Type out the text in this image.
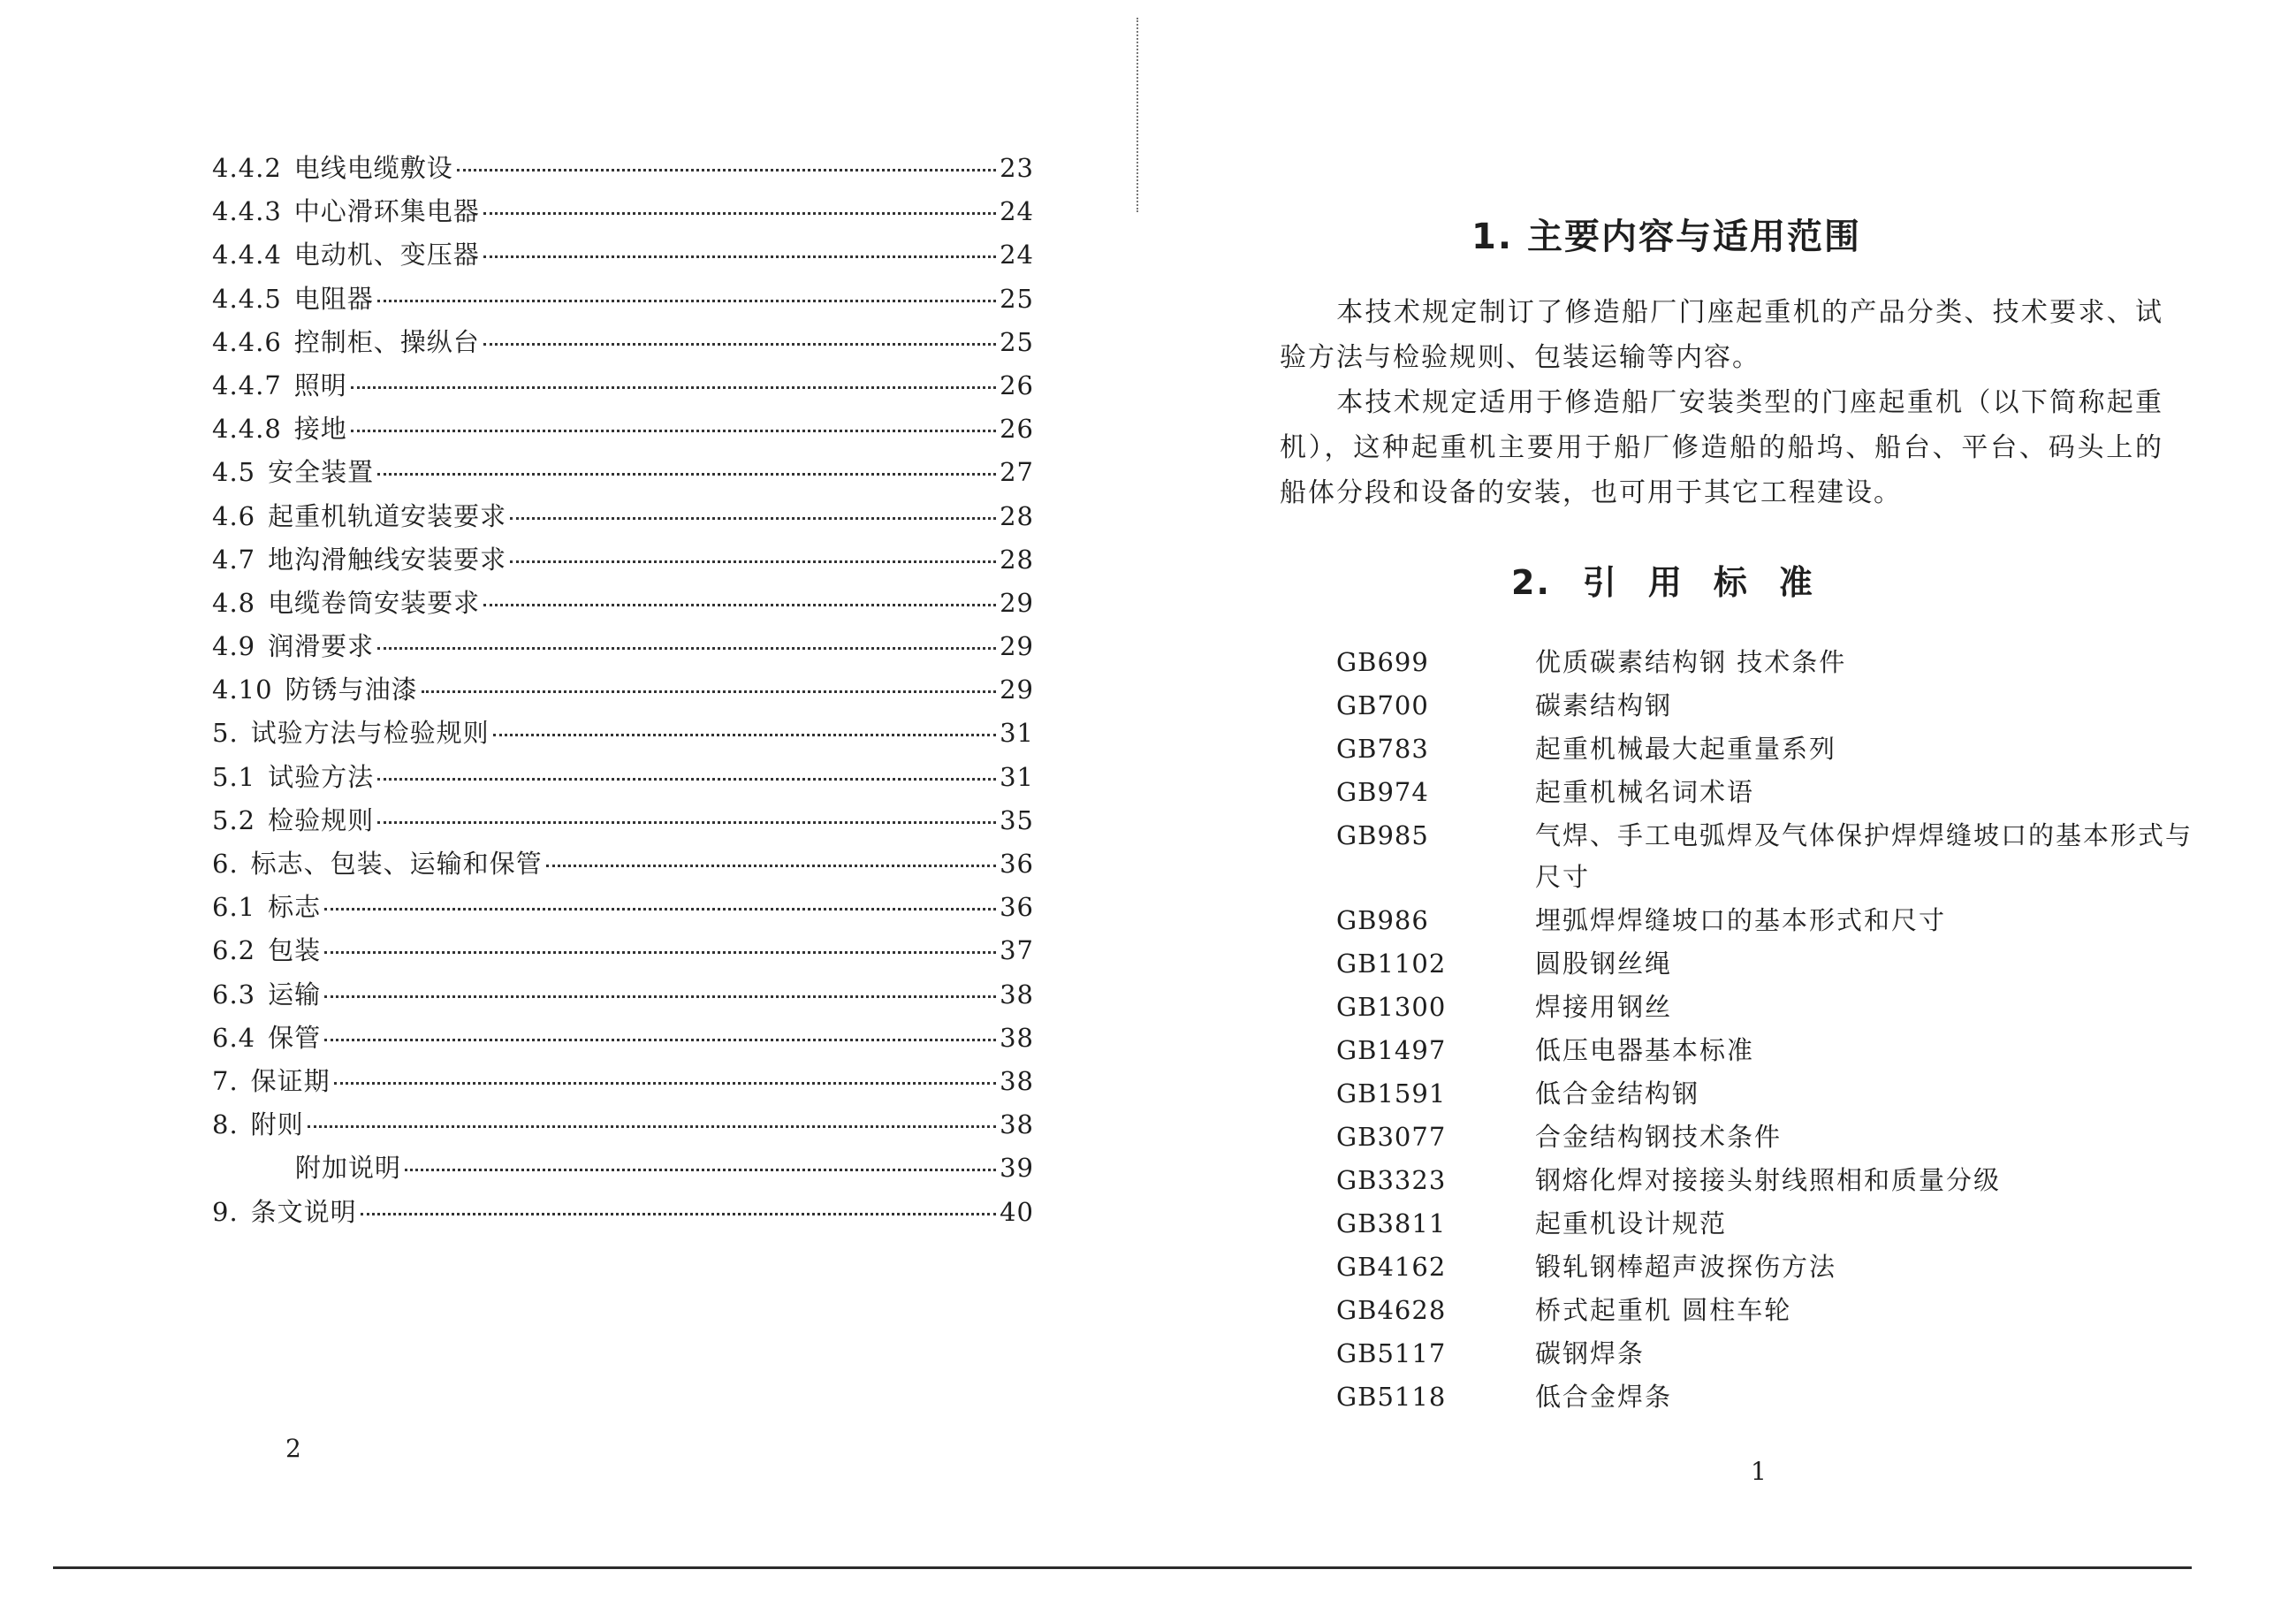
4.4.2 电线电缆敷设	23
4.4.3 中心滑环集电器	24
4.4.4 电动机、变压器	24
4.4.5 电阻器	25
4.4.6 控制柜、操纵台	25
4.4.7 照明	26
4.4.8 接地	26
4.5 安全装置	27
4.6 起重机轨道安装要求	28
4.7 地沟滑触线安装要求	28
4.8 电缆卷筒安装要求	29
4.9 润滑要求	29
4.10 防锈与油漆	29
5. 试验方法与检验规则	31
5.1 试验方法	31
5.2 检验规则	35
6. 标志、包装、运输和保管	36
6.1 标志	36
6.2 包装	37
6.3 运输	38
6.4 保管	38
7. 保证期	38
8. 附则	38
附加说明	39
9. 条文说明	40
2
1. 主要内容与适用范围
本技术规定制订了修造船厂门座起重机的产品分类、技术要求、试验方法与检验规则、包装运输等内容。
本技术规定适用于修造船厂安装类型的门座起重机（以下简称起重机），这种起重机主要用于船厂修造船的船坞、船台、平台、码头上的船体分段和设备的安装，也可用于其它工程建设。
2. 引用标准
GB699	优质碳素结构钢 技术条件
GB700	碳素结构钢
GB783	起重机械最大起重量系列
GB974	起重机械名词术语
GB985	气焊、手工电弧焊及气体保护焊焊缝坡口的基本形式与尺寸
GB986	埋弧焊焊缝坡口的基本形式和尺寸
GB1102	圆股钢丝绳
GB1300	焊接用钢丝
GB1497	低压电器基本标准
GB1591	低合金结构钢
GB3077	合金结构钢技术条件
GB3323	钢熔化焊对接接头射线照相和质量分级
GB3811	起重机设计规范
GB4162	锻轧钢棒超声波探伤方法
GB4628	桥式起重机 圆柱车轮
GB5117	碳钢焊条
GB5118	低合金焊条
1
